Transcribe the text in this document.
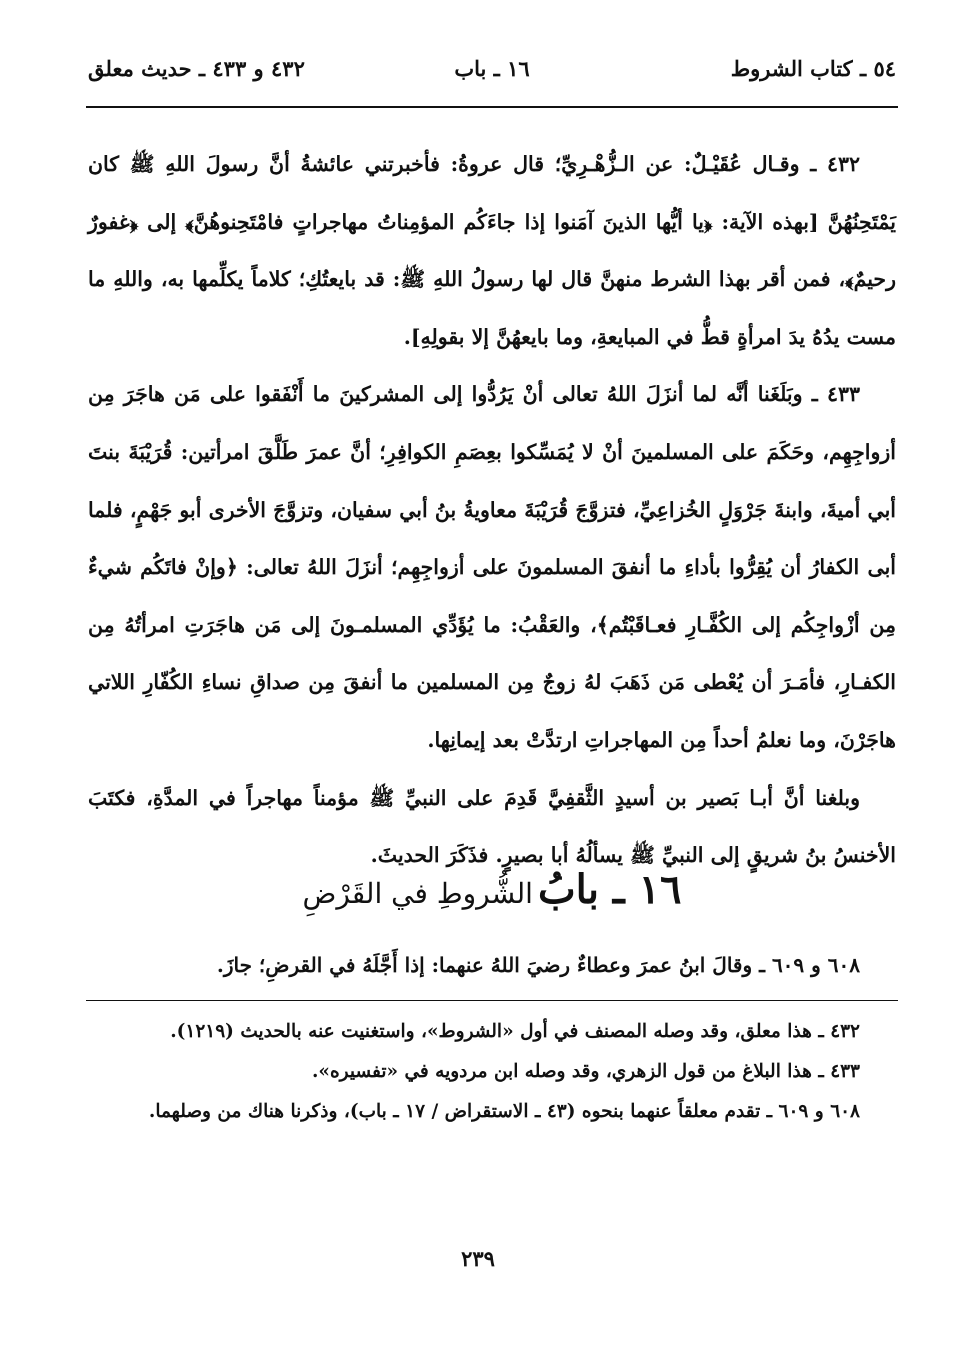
٥٤ ـ كتاب الشروط
١٦ ـ باب
٤٣٢ و ٤٣٣ ـ حديث معلق

٤٣٢ ـ وقـال عُقَيْـلٌ: عن الـزُّهْـرِيِّ؛ قال عروةُ: فأخبرتني عائشةُ أنَّ رسولَ اللهِ ﷺ كان يَمْتَحِنُهُنَّ [بهذه الآية: ﴿يا أيُّها الذينَ آمَنوا إذا جاءَكُم المؤمِناتُ مهاجراتٍ فامْتَحِنوهُنَّ﴾ إلى ﴿غفورٌ رحيمٌ﴾، فمن أقر بهذا الشرط منهنَّ قال لها رسولُ اللهِ ﷺ: قد بايعتُكِ؛ كلاماً يكلِّمها به، واللهِ ما مست يدُهُ يدَ امرأةٍ قطُّ في المبايعةِ، وما بايعهُنَّ إلا بقولِهِ].

٤٣٣ ـ وبَلَغَنا أنَّه لما أنزَلَ اللهُ تعالى أنْ يَرُدُّوا إلى المشركينَ ما أَنْفَقوا على مَن هاجَرَ مِن أزواجِهِم، وحَكَمَ على المسلمينَ أنْ لا يُمَسِّكوا بعِصَمِ الكوافِرِ؛ أنَّ عمرَ طَلَّقَ امرأتين: قُرَيْبَةَ بنتَ أبي أميةَ، وابنةَ جَرْوَلٍ الخُزاعِيِّ، فتزوَّجَ قُرَيْبَةَ معاويةُ بنُ أبي سفيان، وتزوَّجَ الأخرى أبو جَهْمٍ، فلما أبى الكفارُ أن يُقِرُّوا بأداءِ ما أنفقَ المسلمونَ على أزواجِهِم؛ أنزَلَ اللهُ تعالى: ﴿وإنْ فاتَكُم شيءٌ مِن أزْواجِكُم إلى الكُفَّـارِ فعـاقَبْتُم﴾، والعَقْبُ: ما يُؤَدِّي المسلمـونَ إلى مَن هاجَرَتِ امرأتُهُ مِن الكفـارِ، فأمَـرَ أن يُعْطى مَن ذَهَبَ لهُ زوجٌ مِن المسلمين ما أنفقَ مِن صداقِ نساءِ الكُفّارِ اللاتي هاجَرْنَ، وما نعلمُ أحداً مِن المهاجراتِ ارتدَّتْ بعد إيمانِها.

وبلغنا أنَّ أبـا بَصير بن أسيدٍ الثَّقفِيَّ قَدِمَ على النبيِّ ﷺ مؤمناً مهاجراً في المدَّةِ، فكتَبَ الأخنسُ بنُ شريقٍ إلى النبيِّ ﷺ يسألُهُ أبا بصيرٍ. فذَكَرَ الحديثَ.

١٦ ـ بابُ الشُّروطِ في القَرْضِ
٦٠٨ و ٦٠٩ ـ وقالَ ابنُ عمرَ وعطاءٌ رضيَ اللهُ عنهما: إذا أَجَّلَهُ في القرضِ؛ جازَ.

٤٣٢ ـ هذا معلق، وقد وصله المصنف في أول «الشروط»، واستغنيت عنه بالحديث (١٢١٩).

٤٣٣ ـ هذا البلاغ من قول الزهري، وقد وصله ابن مردويه في «تفسيره».

٦٠٨ و ٦٠٩ ـ تقدم معلقاً عنهما بنحوه (٤٣ ـ الاستقراض / ١٧ ـ باب)، وذكرنا هناك من وصلهما.

٢٣٩
